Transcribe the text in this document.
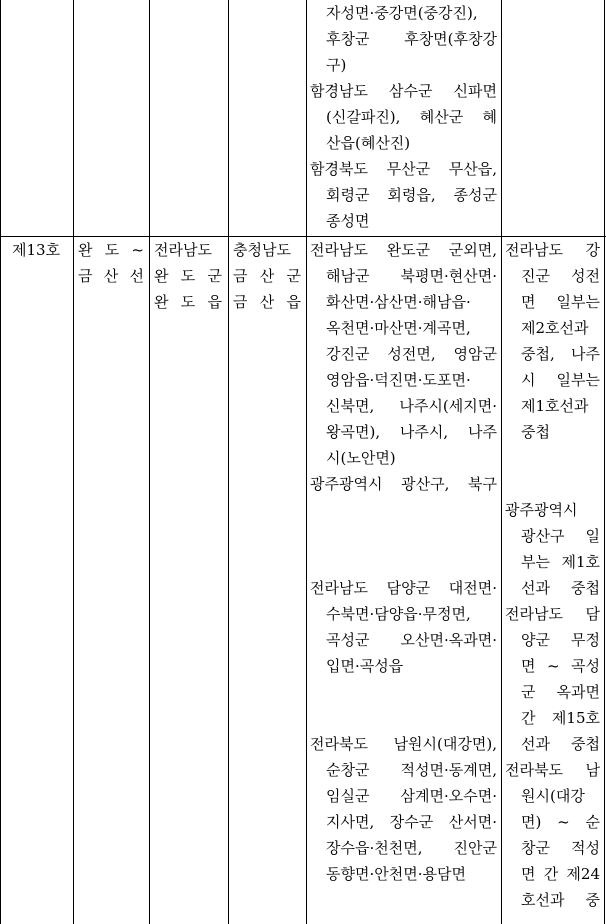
자성면·중강면(중강진),
후창군 후창면(후창강
구)
함경남도 삼수군 신파면
(신갈파진), 혜산군 혜
산읍(혜산진)
함경북도 무산군 무산읍,
회령군 회령읍, 종성군
종성면
제13호	완 도 ~
금 산 선
전라남도
완 도 군
완 도 읍
충청남도
금 산 군
금 산 읍
전라남도 완도군 군외면,
해남군 북평면·현산면·
화산면·삼산면·해남읍·
옥천면·마산면·계곡면,
강진군 성전면, 영암군
영암읍·덕진면·도포면·
신북면, 나주시(세지면·
왕곡면), 나주시, 나주
시(노안면)
광주광역시 광산구, 북구
전라남도 담양군 대전면·
수북면·담양읍·무정면,
곡성군 오산면·옥과면·
입면·곡성읍
전라북도 남원시(대강면),
순창군 적성면·동계면,
임실군 삼계면·오수면·
지사면, 장수군 산서면·
장수읍·천천면, 진안군
동향면·안천면·용담면
전라남도 강
진군 성전
면 일부는
제2호선과
중첩, 나주
시 일부는
제1호선과
중첩
광주광역시
광산구 일
부는 제1호
선과 중첩
전라남도 담
양군 무정
면 ~ 곡성
군 옥과면
간 제15호
선과 중첩
전라북도 남
원시(대강
면) ~ 순
창군 적성
면 간 제24
호선과 중
